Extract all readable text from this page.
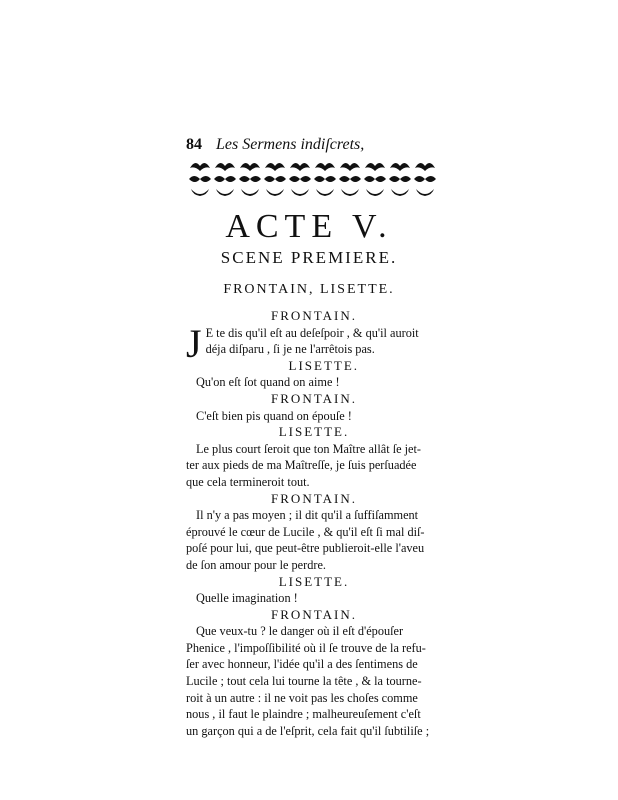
84 Les Sermens indiſcrets,
ACTE V.
SCENE PREMIERE.
FRONTAIN, LISETTE.
FRONTAIN.
J E te dis qu'il eſt au deſeſpoir , & qu'il auroit
déja diſparu , ſi je ne l'arrêtois pas.
LISETTE.
Qu'on eſt ſot quand on aime !
FRONTAIN.
C'eſt bien pis quand on épouſe !
LISETTE.
Le plus court ſeroit que ton Maître allât ſe jet-
ter aux pieds de ma Maîtreſſe, je ſuis perſuadée
que cela termineroit tout.
FRONTAIN.
Il n'y a pas moyen ; il dit qu'il a ſuffiſamment
éprouvé le cœur de Lucile , & qu'il eſt ſi mal diſ-
poſé pour lui, que peut-être publieroit-elle l'aveu
de ſon amour pour le perdre.
LISETTE.
Quelle imagination !
FRONTAIN.
Que veux-tu ? le danger où il eſt d'épouſer
Phenice , l'impoſſibilité où il ſe trouve de la refu-
ſer avec honneur, l'idée qu'il a des ſentimens de
Lucile ; tout cela lui tourne la tête , & la tourne-
roit à un autre : il ne voit pas les choſes comme
nous , il faut le plaindre ; malheureuſement c'eſt
un garçon qui a de l'eſprit, cela fait qu'il ſubtiliſe ;
